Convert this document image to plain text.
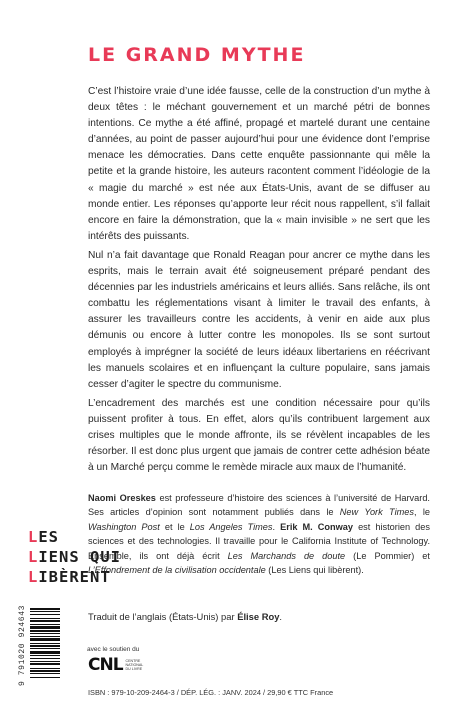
LE GRAND MYTHE

C’est l’histoire vraie d’une idée fausse, celle de la construction d’un mythe à deux têtes : le méchant gouvernement et un marché pétri de bonnes intentions. Ce mythe a été affiné, propagé et martelé durant une centaine d’années, au point de passer aujourd’hui pour une évidence dont l’emprise menace les démocraties. Dans cette enquête passionnante qui mêle la petite et la grande histoire, les auteurs racontent comment l’idéologie de la « magie du marché » est née aux États-Unis, avant de se diffuser au monde entier. Les réponses qu’apporte leur récit nous rappellent, s’il fallait encore en faire la démonstration, que la « main invisible » ne sert que les intérêts des puissants.

Nul n’a fait davantage que Ronald Reagan pour ancrer ce mythe dans les esprits, mais le terrain avait été soigneusement préparé pendant des décennies par les industriels américains et leurs alliés. Sans relâche, ils ont combattu les réglementations visant à limiter le travail des enfants, à assurer les travailleurs contre les accidents, à venir en aide aux plus démunis ou encore à lutter contre les monopoles. Ils se sont surtout employés à imprégner la société de leurs idéaux libertariens en réécrivant les manuels scolaires et en influençant la culture populaire, sans jamais cesser d’agiter le spectre du communisme.

L’encadrement des marchés est une condition nécessaire pour qu’ils puissent profiter à tous. En effet, alors qu’ils contribuent largement aux crises multiples que le monde affronte, ils se révèlent incapables de les résorber. Il est donc plus urgent que jamais de contrer cette adhésion béate à un Marché perçu comme le remède miracle aux maux de l’humanité.

Naomi Oreskes est professeure d’histoire des sciences à l’université de Harvard. Ses articles d’opinion sont notamment publiés dans le New York Times, le Washington Post et le Los Angeles Times. Erik M. Conway est historien des sciences et des technologies. Il travaille pour le California Institute of Technology. Ensemble, ils ont déjà écrit Les Marchands de doute (Le Pommier) et L’Effondrement de la civilisation occidentale (Les Liens qui libèrent).

Traduit de l’anglais (États-Unis) par Élise Roy.
LES
LIENS QUI
LIBÈRENT
9 791020 924643	avec le soutien du
CNL CENTRE NATIONAL DU LIVRE
ISBN : 979-10-209-2464-3 / DÉP. LÉG. : JANV. 2024 / 29,90 € TTC France
